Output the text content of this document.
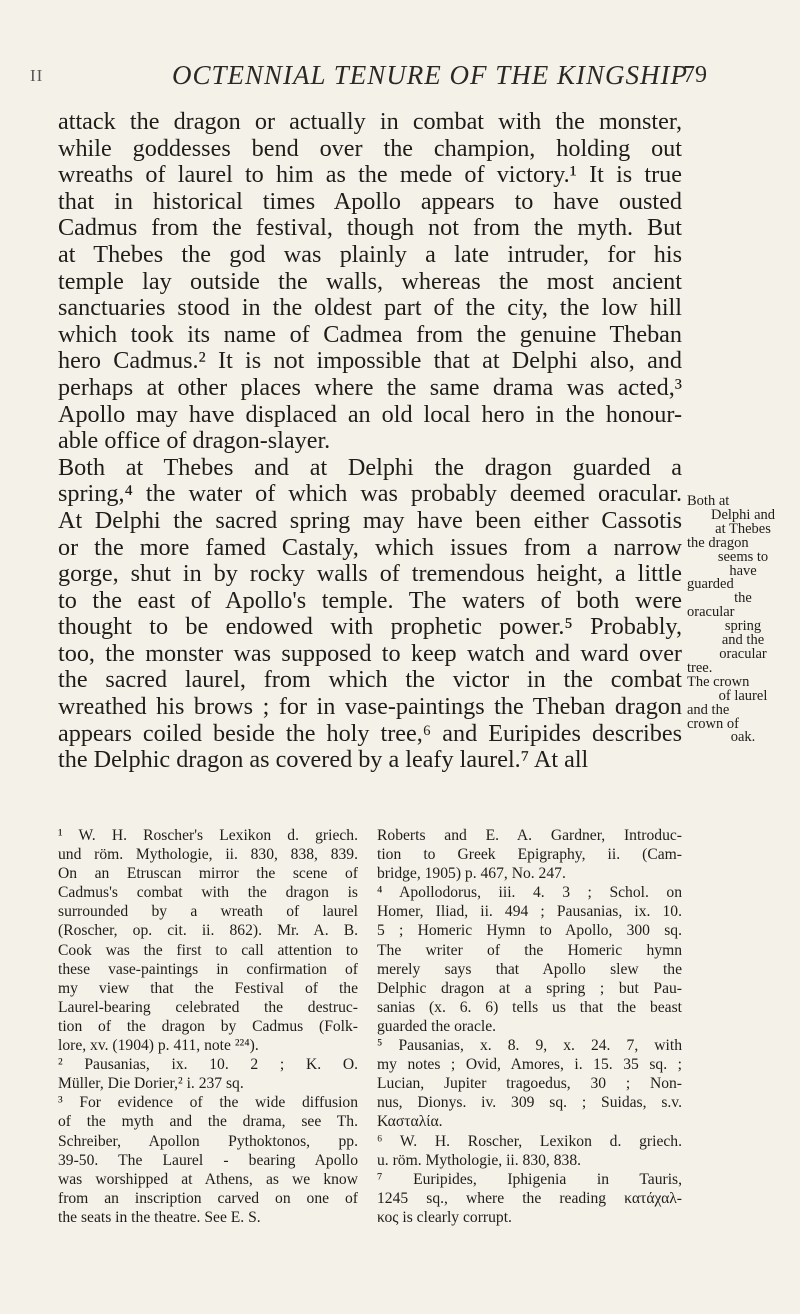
II	OCTENNIAL TENURE OF THE KINGSHIP
79
attack the dragon or actually in combat with the monster,
while goddesses bend over the champion, holding out
wreaths of laurel to him as the mede of victory.¹ It is true
that in historical times Apollo appears to have ousted
Cadmus from the festival, though not from the myth. But
at Thebes the god was plainly a late intruder, for his
temple lay outside the walls, whereas the most ancient
sanctuaries stood in the oldest part of the city, the low hill
which took its name of Cadmea from the genuine Theban
hero Cadmus.² It is not impossible that at Delphi also, and
perhaps at other places where the same drama was acted,³
Apollo may have displaced an old local hero in the honour-
able office of dragon-slayer.
Both at Thebes and at Delphi the dragon guarded a
spring,⁴ the water of which was probably deemed oracular.
At Delphi the sacred spring may have been either Cassotis
or the more famed Castaly, which issues from a narrow
gorge, shut in by rocky walls of tremendous height, a little
to the east of Apollo's temple. The waters of both were
thought to be endowed with prophetic power.⁵ Probably,
too, the monster was supposed to keep watch and ward over
the sacred laurel, from which the victor in the combat
wreathed his brows ; for in vase-paintings the Theban dragon
appears coiled beside the holy tree,⁶ and Euripides describes
the Delphic dragon as covered by a leafy laurel.⁷ At all
Both at
Delphi and
at Thebes
the dragon
seems to
have
guarded
the
oracular
spring
and the
oracular
tree.
The crown
of laurel
and the
crown of
oak.
¹ W. H. Roscher's Lexikon d. griech.
und röm. Mythologie, ii. 830, 838, 839.
On an Etruscan mirror the scene of
Cadmus's combat with the dragon is
surrounded by a wreath of laurel
(Roscher, op. cit. ii. 862). Mr. A. B.
Cook was the first to call attention to
these vase-paintings in confirmation of
my view that the Festival of the
Laurel-bearing celebrated the destruc-
tion of the dragon by Cadmus (Folk-
lore, xv. (1904) p. 411, note ²²⁴).
² Pausanias, ix. 10. 2 ; K. O.
Müller, Die Dorier,² i. 237 sq.
³ For evidence of the wide diffusion
of the myth and the drama, see Th.
Schreiber, Apollon Pythoktonos, pp.
39-50. The Laurel - bearing Apollo
was worshipped at Athens, as we know
from an inscription carved on one of
the seats in the theatre. See E. S.
Roberts and E. A. Gardner, Introduc-
tion to Greek Epigraphy, ii. (Cam-
bridge, 1905) p. 467, No. 247.
⁴ Apollodorus, iii. 4. 3 ; Schol. on
Homer, Iliad, ii. 494 ; Pausanias, ix. 10.
5 ; Homeric Hymn to Apollo, 300 sq.
The writer of the Homeric hymn
merely says that Apollo slew the
Delphic dragon at a spring ; but Pau-
sanias (x. 6. 6) tells us that the beast
guarded the oracle.
⁵ Pausanias, x. 8. 9, x. 24. 7, with
my notes ; Ovid, Amores, i. 15. 35 sq. ;
Lucian, Jupiter tragoedus, 30 ; Non-
nus, Dionys. iv. 309 sq. ; Suidas, s.v.
Κασταλία.
⁶ W. H. Roscher, Lexikon d. griech.
u. röm. Mythologie, ii. 830, 838.
⁷ Euripides, Iphigenia in Tauris,
1245 sq., where the reading κατάχαλ-
κος is clearly corrupt.
